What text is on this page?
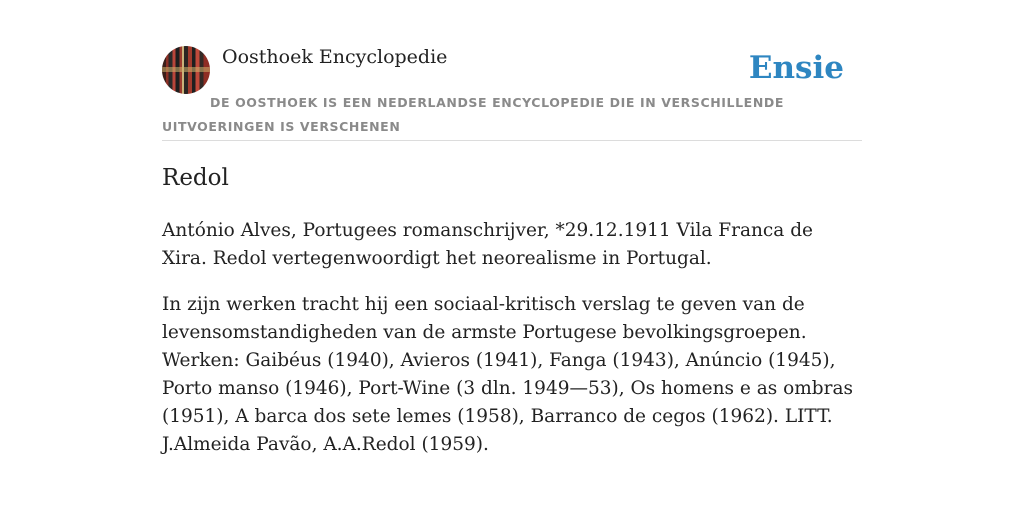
Oosthoek Encyclopedie	Ensie
DE OOSTHOEK IS EEN NEDERLANDSE ENCYCLOPEDIE DIE IN VERSCHILLENDE UITVOERINGEN IS VERSCHENEN
Redol

António Alves, Portugees romanschrijver, *29.12.1911 Vila Franca de Xira. Redol vertegenwoordigt het neorealisme in Portugal.

In zijn werken tracht hij een sociaal-kritisch verslag te geven van de levensomstandigheden van de armste Portugese bevolkingsgroepen. Werken: Gaibéus (1940), Avieros (1941), Fanga (1943), Anúncio (1945), Porto manso (1946), Port-Wine (3 dln. 1949—53), Os homens e as ombras (1951), A barca dos sete lemes (1958), Barranco de cegos (1962). LITT. J.Almeida Pavão, A.A.Redol (1959).
